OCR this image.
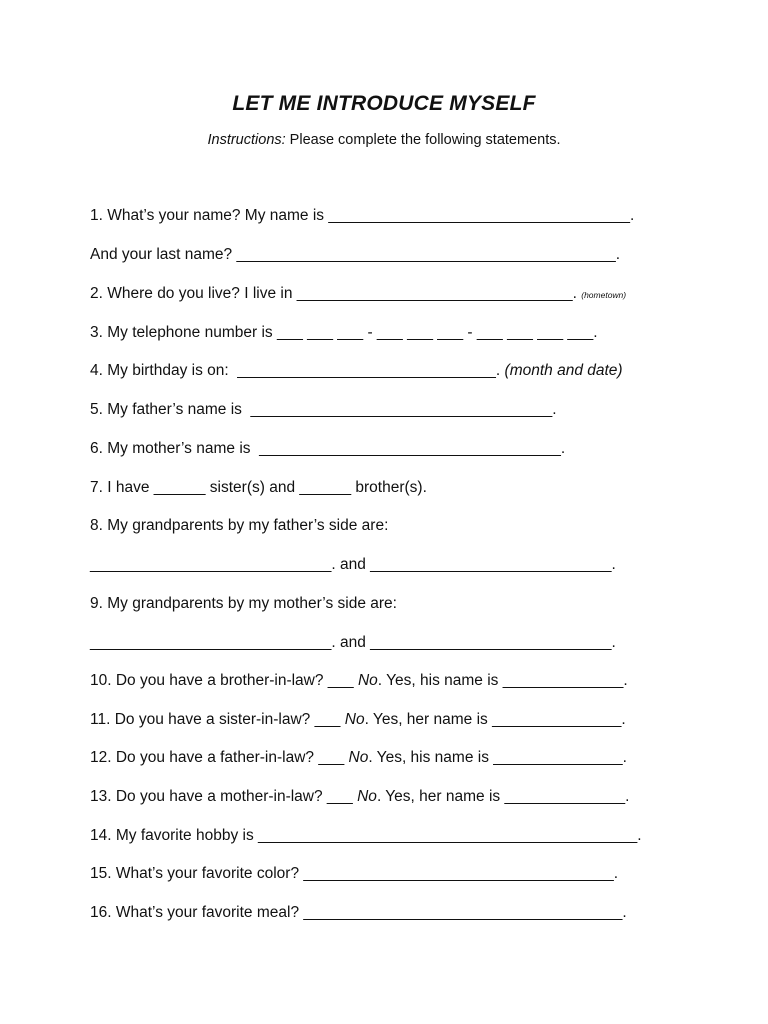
LET ME INTRODUCE MYSELF
Instructions: Please complete the following statements.
1. What’s your name? My name is ___________________________________.
And your last name? ____________________________________________.
2. Where do you live? I live in ________________________________. (hometown)
3. My telephone number is ___ ___ ___ - ___ ___ ___ - ___ ___ ___ ___.
4. My birthday is on:  ______________________________. (month and date)
5. My father’s name is  ___________________________________.
6. My mother’s name is  ___________________________________.
7. I have ______ sister(s) and ______ brother(s).
8. My grandparents by my father’s side are:
____________________________. and ____________________________.
9. My grandparents by my mother’s side are:
____________________________. and ____________________________.
10. Do you have a brother-in-law? ___ No. Yes, his name is ______________.
11. Do you have a sister-in-law? ___ No. Yes, her name is _______________.
12. Do you have a father-in-law? ___ No. Yes, his name is _______________.
13. Do you have a mother-in-law? ___ No. Yes, her name is ______________.
14. My favorite hobby is ____________________________________________.
15. What’s your favorite color? ____________________________________.
16. What’s your favorite meal? _____________________________________.
